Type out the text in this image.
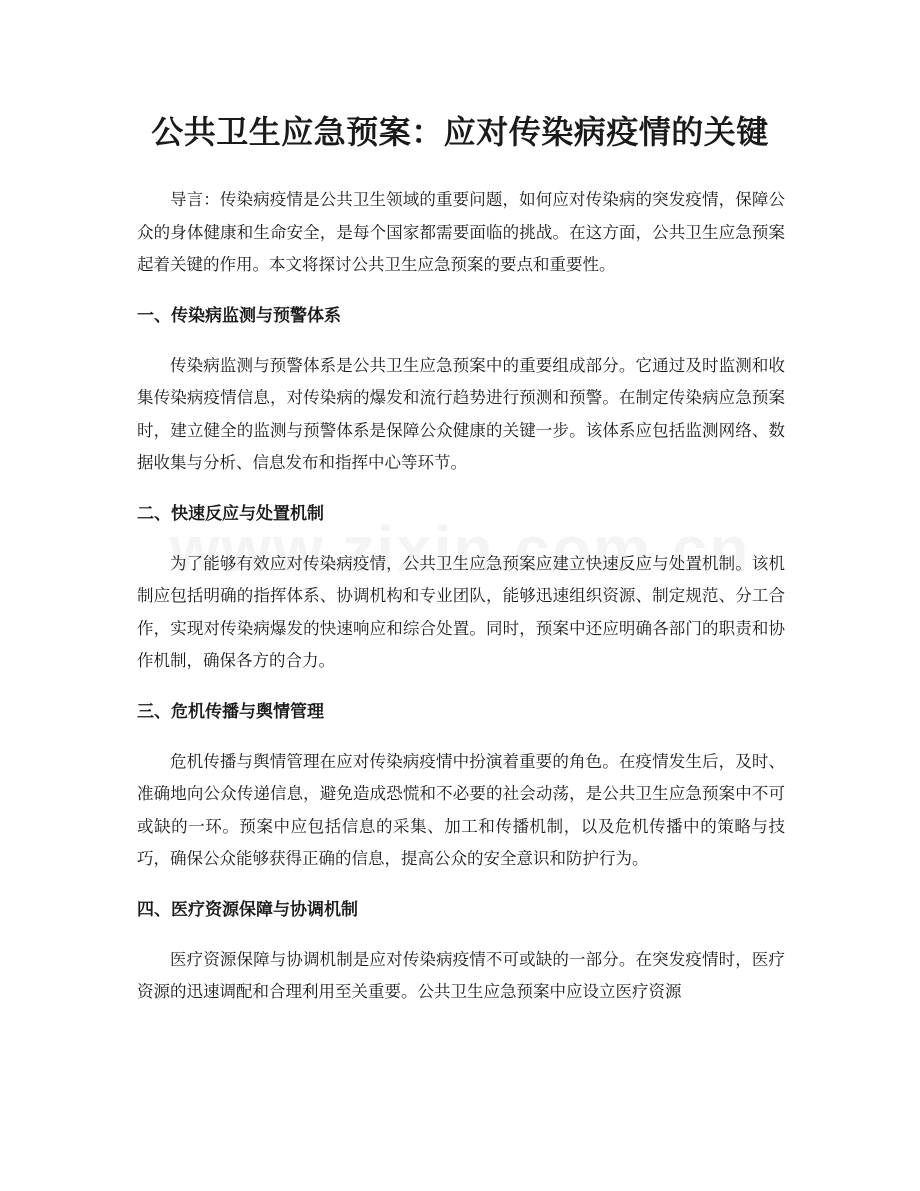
公共卫生应急预案：应对传染病疫情的关键

导言：传染病疫情是公共卫生领域的重要问题，如何应对传染病的突发疫情，保障公众的身体健康和生命安全，是每个国家都需要面临的挑战。在这方面，公共卫生应急预案起着关键的作用。本文将探讨公共卫生应急预案的要点和重要性。

一、传染病监测与预警体系

传染病监测与预警体系是公共卫生应急预案中的重要组成部分。它通过及时监测和收集传染病疫情信息，对传染病的爆发和流行趋势进行预测和预警。在制定传染病应急预案时，建立健全的监测与预警体系是保障公众健康的关键一步。该体系应包括监测网络、数据收集与分析、信息发布和指挥中心等环节。

二、快速反应与处置机制

为了能够有效应对传染病疫情，公共卫生应急预案应建立快速反应与处置机制。该机制应包括明确的指挥体系、协调机构和专业团队，能够迅速组织资源、制定规范、分工合作，实现对传染病爆发的快速响应和综合处置。同时，预案中还应明确各部门的职责和协作机制，确保各方的合力。

三、危机传播与舆情管理

危机传播与舆情管理在应对传染病疫情中扮演着重要的角色。在疫情发生后，及时、准确地向公众传递信息，避免造成恐慌和不必要的社会动荡，是公共卫生应急预案中不可或缺的一环。预案中应包括信息的采集、加工和传播机制，以及危机传播中的策略与技巧，确保公众能够获得正确的信息，提高公众的安全意识和防护行为。

四、医疗资源保障与协调机制

医疗资源保障与协调机制是应对传染病疫情不可或缺的一部分。在突发疫情时，医疗资源的迅速调配和合理利用至关重要。公共卫生应急预案中应设立医疗资源
